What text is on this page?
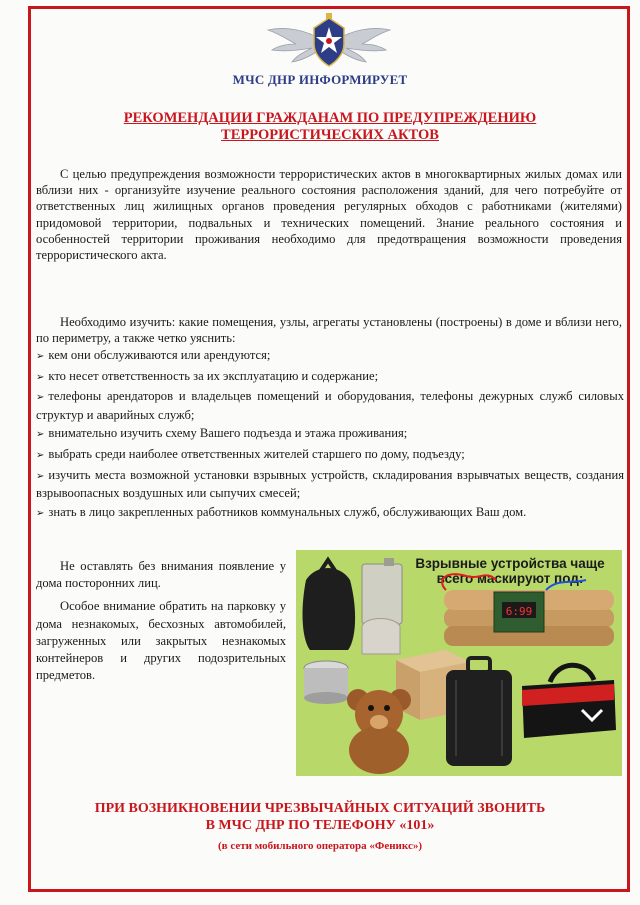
МЧС ДНР ИНФОРМИРУЕТ
РЕКОМЕНДАЦИИ ГРАЖДАНАМ ПО ПРЕДУПРЕЖДЕНИЮ
ТЕРРОРИСТИЧЕСКИХ АКТОВ
С целью предупреждения возможности террористических актов в многоквартирных жилых домах или вблизи них - организуйте изучение реального состояния расположения зданий, для чего потребуйте от ответственных лиц жилищных органов проведения регулярных обходов с работниками (жителями) придомовой территории, подвальных и технических помещений. Знание реального состояния и особенностей территории проживания необходимо для предотвращения возможности проведения террористического акта.
Необходимо изучить: какие помещения, узлы, агрегаты установлены (построены) в доме и вблизи него, по периметру, а также четко уяснить:
➢ кем они обслуживаются или арендуются;
➢ кто несет ответственность за их эксплуатацию и содержание;
➢ телефоны арендаторов и владельцев помещений и оборудования, телефоны дежурных служб силовых структур и аварийных служб;
➢ внимательно изучить схему Вашего подъезда и этажа проживания;
➢ выбрать среди наиболее ответственных жителей старшего по дому, подъезду;
➢ изучить места возможной установки взрывных устройств, складирования взрывчатых веществ, создания взрывоопасных воздушных или сыпучих смесей;
➢ знать в лицо закрепленных работников коммунальных служб, обслуживающих Ваш дом.

Не оставлять без внимания появление у дома посторонних лиц.

Особое внимание обратить на парковку у дома незнакомых, бесхозных автомобилей, загруженных или закрытых незнакомых контейнеров и других подозрительных предметов.

Взрывные устройства чаще всего маскируют под:
6:99
ПРИ ВОЗНИКНОВЕНИИ ЧРЕЗВЫЧАЙНЫХ СИТУАЦИЙ ЗВОНИТЬ
В МЧС ДНР ПО ТЕЛЕФОНУ «101»
(в сети мобильного оператора «Феникс»)
